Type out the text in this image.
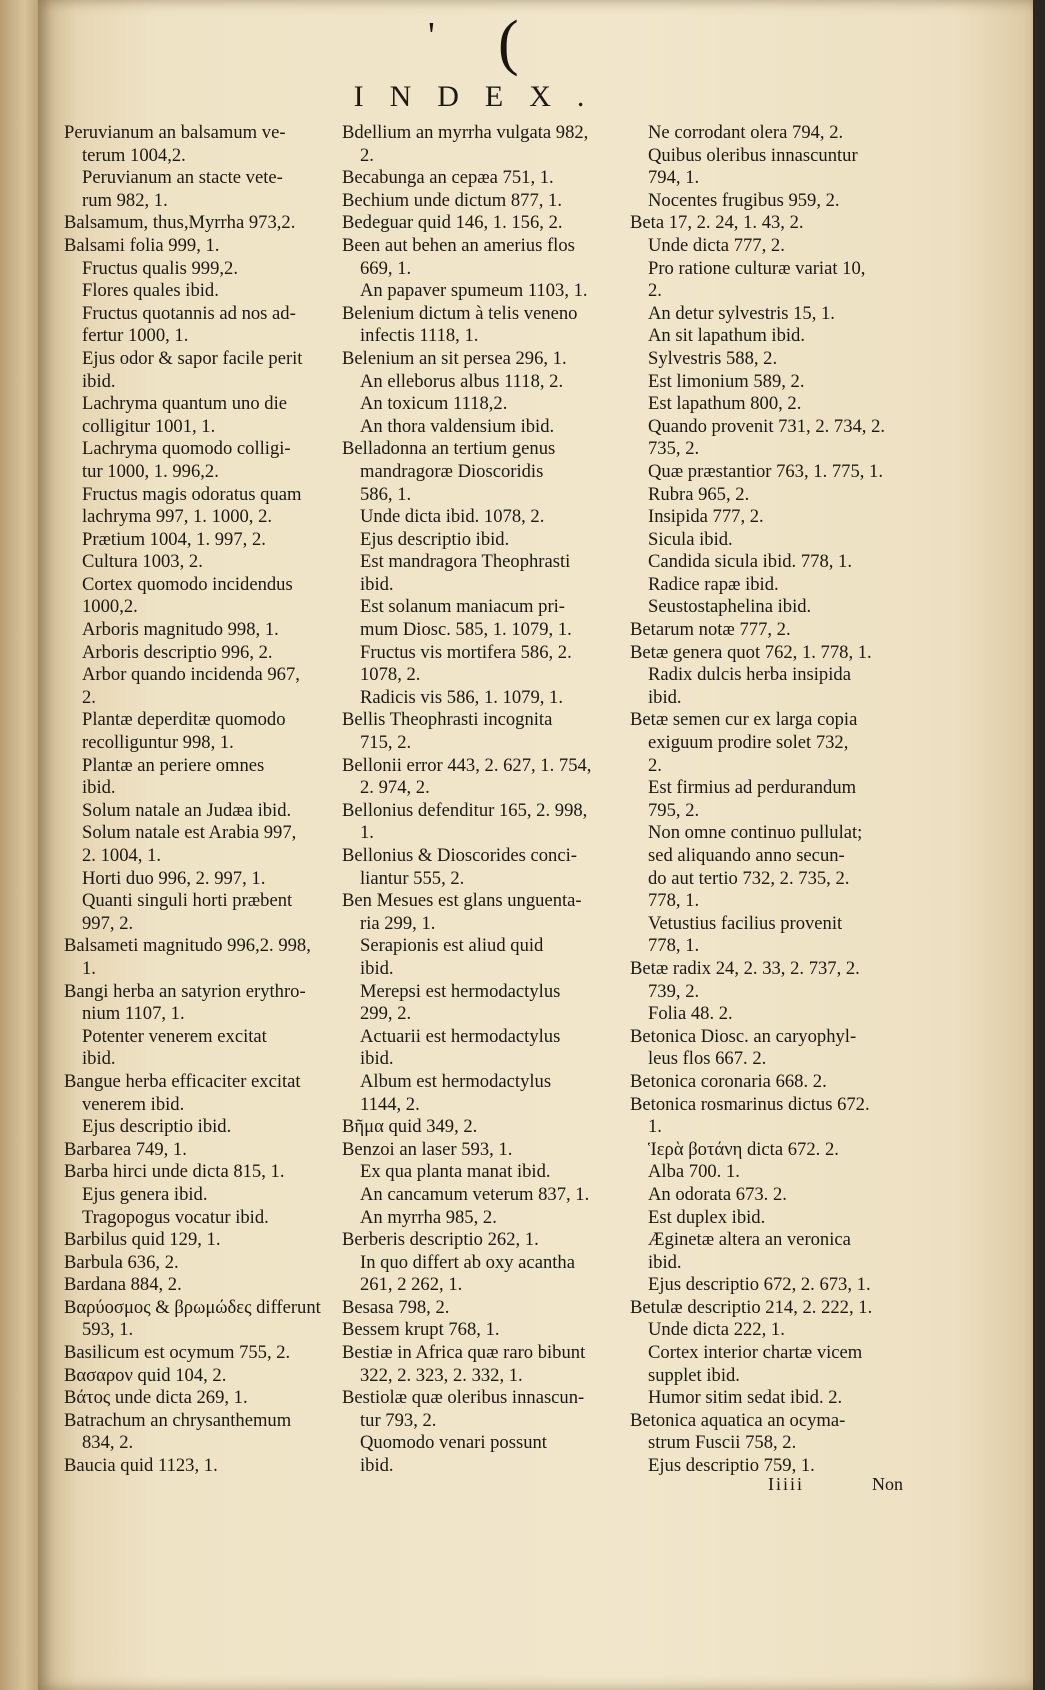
' (
INDEX.
Peruvianum an balsamum ve-
terum 1004,2.
Peruvianum an stacte vete-
rum 982, 1.
Balsamum, thus,Myrrha 973,2.
Balsami folia 999, 1.
Fructus qualis 999,2.
Flores quales ibid.
Fructus quotannis ad nos ad-
fertur 1000, 1.
Ejus odor & sapor facile perit
ibid.
Lachryma quantum uno die
colligitur 1001, 1.
Lachryma quomodo colligi-
tur 1000, 1. 996,2.
Fructus magis odoratus quam
lachryma 997, 1. 1000, 2.
Prætium 1004, 1. 997, 2.
Cultura 1003, 2.
Cortex quomodo incidendus
1000,2.
Arboris magnitudo 998, 1.
Arboris descriptio 996, 2.
Arbor quando incidenda 967,
2.
Plantæ deperditæ quomodo
recolliguntur 998, 1.
Plantæ an periere omnes
ibid.
Solum natale an Judæa ibid.
Solum natale est Arabia 997,
2. 1004, 1.
Horti duo 996, 2. 997, 1.
Quanti singuli horti præbent
997, 2.
Balsameti magnitudo 996,2. 998,
1.
Bangi herba an satyrion erythro-
nium 1107, 1.
Potenter venerem excitat
ibid.
Bangue herba efficaciter excitat
venerem ibid.
Ejus descriptio ibid.
Barbarea 749, 1.
Barba hirci unde dicta 815, 1.
Ejus genera ibid.
Tragopogus vocatur ibid.
Barbilus quid 129, 1.
Barbula 636, 2.
Bardana 884, 2.
Βαρύοσμος & βρωμώδες differunt
593, 1.
Basilicum est ocymum 755, 2.
Βασαρον quid 104, 2.
Βάτος unde dicta 269, 1.
Batrachum an chrysanthemum
834, 2.
Baucia quid 1123, 1.
Bdellium an myrrha vulgata 982,
2.
Becabunga an cepæa 751, 1.
Bechium unde dictum 877, 1.
Bedeguar quid 146, 1. 156, 2.
Been aut behen an amerius flos
669, 1.
An papaver spumeum 1103, 1.
Belenium dictum à telis veneno
infectis 1118, 1.
Belenium an sit persea 296, 1.
An elleborus albus 1118, 2.
An toxicum 1118,2.
An thora valdensium ibid.
Belladonna an tertium genus
mandragoræ Dioscoridis
586, 1.
Unde dicta ibid. 1078, 2.
Ejus descriptio ibid.
Est mandragora Theophrasti
ibid.
Est solanum maniacum pri-
mum Diosc. 585, 1. 1079, 1.
Fructus vis mortifera 586, 2.
1078, 2.
Radicis vis 586, 1. 1079, 1.
Bellis Theophrasti incognita
715, 2.
Bellonii error 443, 2. 627, 1. 754,
2. 974, 2.
Bellonius defenditur 165, 2. 998,
1.
Bellonius & Dioscorides conci-
liantur 555, 2.
Ben Mesues est glans unguenta-
ria 299, 1.
Serapionis est aliud quid
ibid.
Merepsi est hermodactylus
299, 2.
Actuarii est hermodactylus
ibid.
Album est hermodactylus
1144, 2.
Βῆμα quid 349, 2.
Benzoi an laser 593, 1.
Ex qua planta manat ibid.
An cancamum veterum 837, 1.
An myrrha 985, 2.
Berberis descriptio 262, 1.
In quo differt ab oxy acantha
261, 2 262, 1.
Besasa 798, 2.
Bessem krupt 768, 1.
Bestiæ in Africa quæ raro bibunt
322, 2. 323, 2. 332, 1.
Bestiolæ quæ oleribus innascun-
tur 793, 2.
Quomodo venari possunt
ibid.
Ne corrodant olera 794, 2.
Quibus oleribus innascuntur
794, 1.
Nocentes frugibus 959, 2.
Beta 17, 2. 24, 1. 43, 2.
Unde dicta 777, 2.
Pro ratione culturæ variat 10,
2.
An detur sylvestris 15, 1.
An sit lapathum ibid.
Sylvestris 588, 2.
Est limonium 589, 2.
Est lapathum 800, 2.
Quando provenit 731, 2. 734, 2.
735, 2.
Quæ præstantior 763, 1. 775, 1.
Rubra 965, 2.
Insipida 777, 2.
Sicula ibid.
Candida sicula ibid. 778, 1.
Radice rapæ ibid.
Seustostaphelina ibid.
Betarum notæ 777, 2.
Betæ genera quot 762, 1. 778, 1.
Radix dulcis herba insipida
ibid.
Betæ semen cur ex larga copia
exiguum prodire solet 732,
2.
Est firmius ad perdurandum
795, 2.
Non omne continuo pullulat;
sed aliquando anno secun-
do aut tertio 732, 2. 735, 2.
778, 1.
Vetustius facilius provenit
778, 1.
Betæ radix 24, 2. 33, 2. 737, 2.
739, 2.
Folia 48. 2.
Betonica Diosc. an caryophyl-
leus flos 667. 2.
Betonica coronaria 668. 2.
Betonica rosmarinus dictus 672.
1.
Ἱερὰ βοτάνη dicta 672. 2.
Alba 700. 1.
An odorata 673. 2.
Est duplex ibid.
Æginetæ altera an veronica
ibid.
Ejus descriptio 672, 2. 673, 1.
Betulæ descriptio 214, 2. 222, 1.
Unde dicta 222, 1.
Cortex interior chartæ vicem
supplet ibid.
Humor sitim sedat ibid. 2.
Betonica aquatica an ocyma-
strum Fuscii 758, 2.
Ejus descriptio 759, 1.
Iiiii	Non
